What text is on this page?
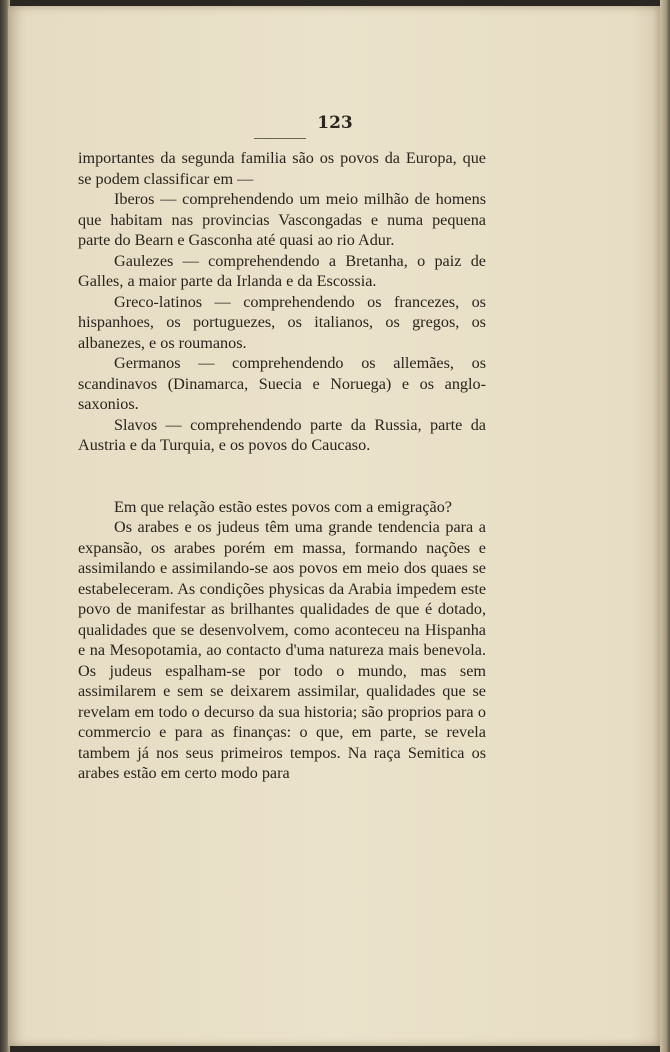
123

importantes da segunda familia são os povos da Europa, que se podem classificar em —

Iberos — comprehendendo um meio milhão de homens que habitam nas provincias Vascongadas e numa pequena parte do Bearn e Gasconha até quasi ao rio Adur.

Gaulezes — comprehendendo a Bretanha, o paiz de Galles, a maior parte da Irlanda e da Escossia.

Greco-latinos — comprehendendo os francezes, os hispanhoes, os portuguezes, os italianos, os gregos, os albanezes, e os roumanos.

Germanos — comprehendendo os allemães, os scandinavos (Dinamarca, Suecia e Noruega) e os anglo-saxonios.

Slavos — comprehendendo parte da Russia, parte da Austria e da Turquia, e os povos do Caucaso.

Em que relação estão estes povos com a emigração?

Os arabes e os judeus têm uma grande tendencia para a expansão, os arabes porém em massa, formando nações e assimilando e assimilando-se aos povos em meio dos quaes se estabeleceram. As condições physicas da Arabia impedem este povo de manifestar as brilhantes qualidades de que é dotado, qualidades que se desenvolvem, como aconteceu na Hispanha e na Mesopotamia, ao contacto d'uma natureza mais benevola. Os judeus espalham-se por todo o mundo, mas sem assimilarem e sem se deixarem assimilar, qualidades que se revelam em todo o decurso da sua historia; são proprios para o commercio e para as finanças: o que, em parte, se revela tambem já nos seus primeiros tempos. Na raça Semitica os arabes estão em certo modo para
